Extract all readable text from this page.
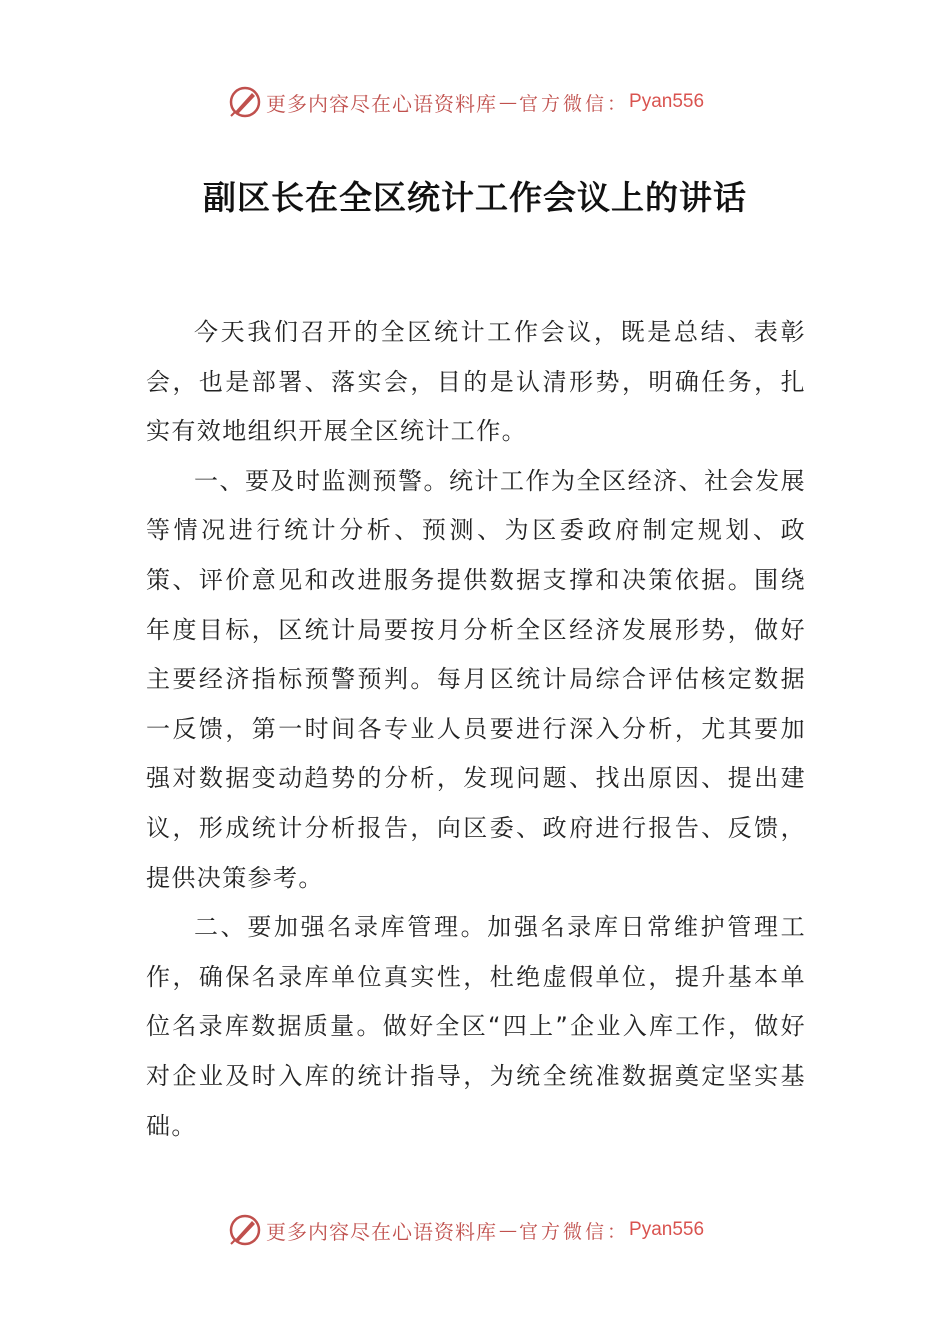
更多内容尽在心语资料库 — 官方微信： Pyan556
副区长在全区统计工作会议上的讲话

今天我们召开的全区统计工作会议，既是总结、表彰会，也是部署、落实会，目的是认清形势，明确任务，扎实有效地组织开展全区统计工作。

一、要及时监测预警。统计工作为全区经济、社会发展等情况进行统计分析、预测、为区委政府制定规划、政策、评价意见和改进服务提供数据支撑和决策依据。围绕年度目标，区统计局要按月分析全区经济发展形势，做好主要经济指标预警预判。每月区统计局综合评估核定数据一反馈，第一时间各专业人员要进行深入分析，尤其要加强对数据变动趋势的分析，发现问题、找出原因、提出建议，形成统计分析报告，向区委、政府进行报告、反馈，提供决策参考。

二、要加强名录库管理。加强名录库日常维护管理工作，确保名录库单位真实性，杜绝虚假单位，提升基本单位名录库数据质量。做好全区“四上”企业入库工作，做好对企业及时入库的统计指导，为统全统准数据奠定坚实基础。

更多内容尽在心语资料库 — 官方微信： Pyan556
